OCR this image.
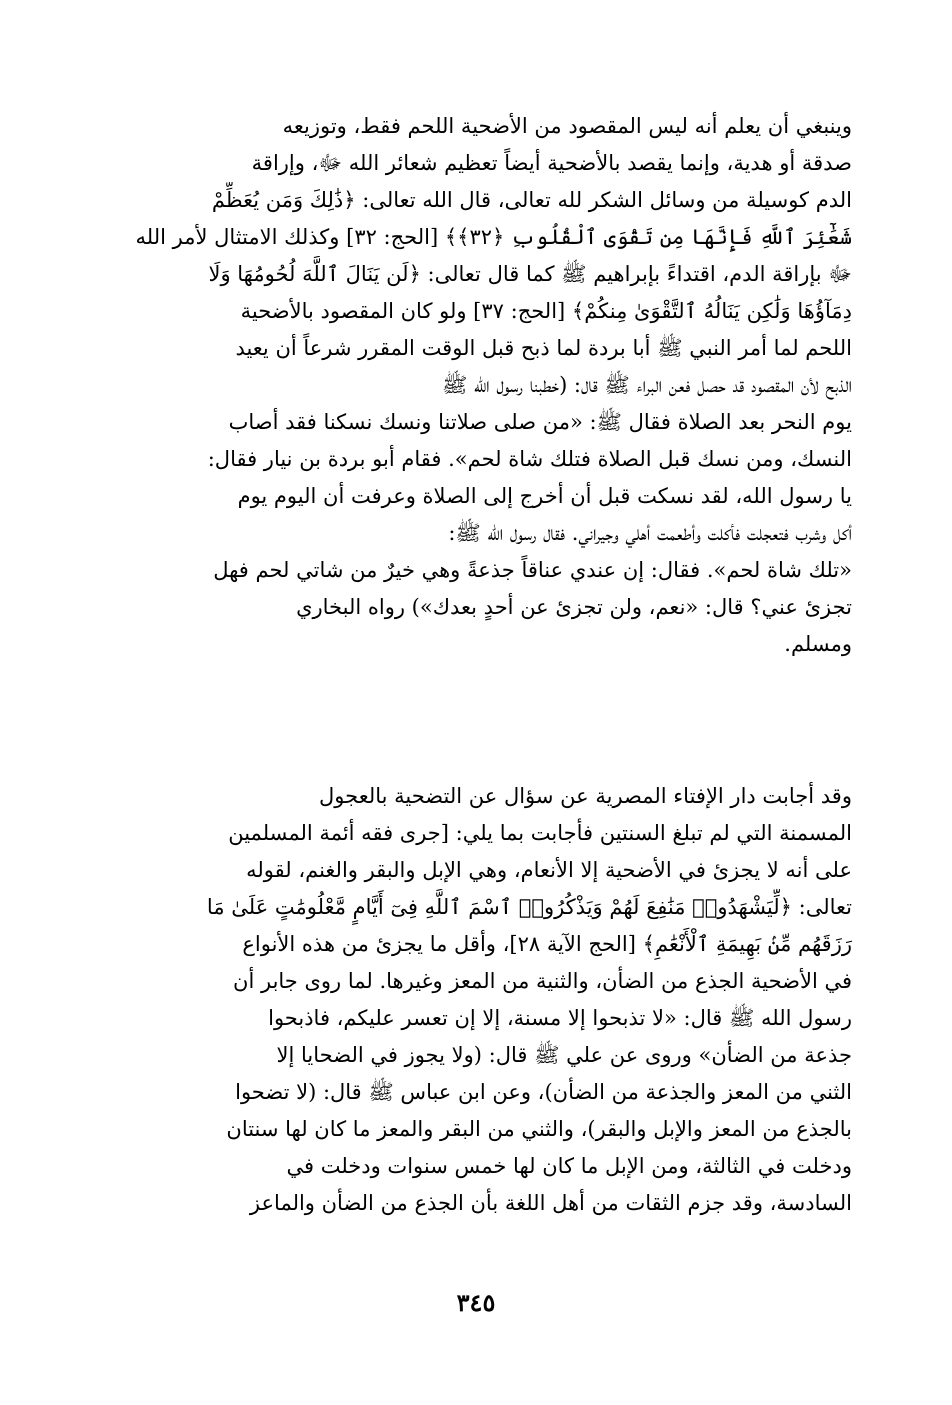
وينبغي أن يعلم أنه ليس المقصود من الأضحية اللحم فقط، وتوزيعه
صدقة أو هدية، وإنما يقصد بالأضحية أيضاً تعظيم شعائر الله ﷻ، وإراقة
الدم كوسيلة من وسائل الشكر لله تعالى، قال الله تعالى: ﴿ذَٰلِكَ وَمَن يُعَظِّمْ
شَعَٰٓئِرَ ٱللَّهِ فَإِنَّهَا مِن تَقْوَى ٱلْقُلُوبِ ﴿٣٢﴾﴾ [الحج: ٣٢] وكذلك الامتثال لأمر الله
ﷻ بإراقة الدم، اقتداءً بإبراهيم ﷺ كما قال تعالى: ﴿لَن يَنَالَ ٱللَّهَ لُحُومُهَا وَلَا
دِمَآؤُهَا وَلَٰكِن يَنَالُهُ ٱلتَّقْوَىٰ مِنكُمْ﴾ [الحج: ٣٧] ولو كان المقصود بالأضحية
اللحم لما أمر النبي ﷺ أبا بردة لما ذبح قبل الوقت المقرر شرعاً أن يعيد
الذبح لأن المقصود قد حصل فعن البراء ﷺ قال: (خطبنا رسول الله ﷺ
يوم النحر بعد الصلاة فقال ﷺ: «من صلى صلاتنا ونسك نسكنا فقد أصاب
النسك، ومن نسك قبل الصلاة فتلك شاة لحم». فقام أبو بردة بن نيار فقال:
يا رسول الله، لقد نسكت قبل أن أخرج إلى الصلاة وعرفت أن اليوم يوم
أكل وشرب فتعجلت فأكلت وأطعمت أهلي وجيراني. فقال رسول الله ﷺ:
«تلك شاة لحم». فقال: إن عندي عناقاً جذعةً وهي خيرٌ من شاتي لحم فهل
تجزئ عني؟ قال: «نعم، ولن تجزئ عن أحدٍ بعدك») رواه البخاري
ومسلم.
وقد أجابت دار الإفتاء المصرية عن سؤال عن التضحية بالعجول
المسمنة التي لم تبلغ السنتين فأجابت بما يلي: [جرى فقه أئمة المسلمين
على أنه لا يجزئ في الأضحية إلا الأنعام، وهي الإبل والبقر والغنم، لقوله
تعالى: ﴿لِّيَشْهَدُوا۟ مَنَٰفِعَ لَهُمْ وَيَذْكُرُوا۟ ٱسْمَ ٱللَّهِ فِىٓ أَيَّامٍ مَّعْلُومَٰتٍ عَلَىٰ مَا
رَزَقَهُم مِّنۢ بَهِيمَةِ ٱلْأَنْعَٰمِ﴾ [الحج الآية ٢٨]، وأقل ما يجزئ من هذه الأنواع
في الأضحية الجذع من الضأن، والثنية من المعز وغيرها. لما روى جابر أن
رسول الله ﷺ قال: «لا تذبحوا إلا مسنة، إلا إن تعسر عليكم، فاذبحوا
جذعة من الضأن» وروى عن علي ﷺ قال: (ولا يجوز في الضحايا إلا
الثني من المعز والجذعة من الضأن)، وعن ابن عباس ﷺ قال: (لا تضحوا
بالجذع من المعز والإبل والبقر)، والثني من البقر والمعز ما كان لها سنتان
ودخلت في الثالثة، ومن الإبل ما كان لها خمس سنوات ودخلت في
السادسة، وقد جزم الثقات من أهل اللغة بأن الجذع من الضأن والماعز
٣٤٥
